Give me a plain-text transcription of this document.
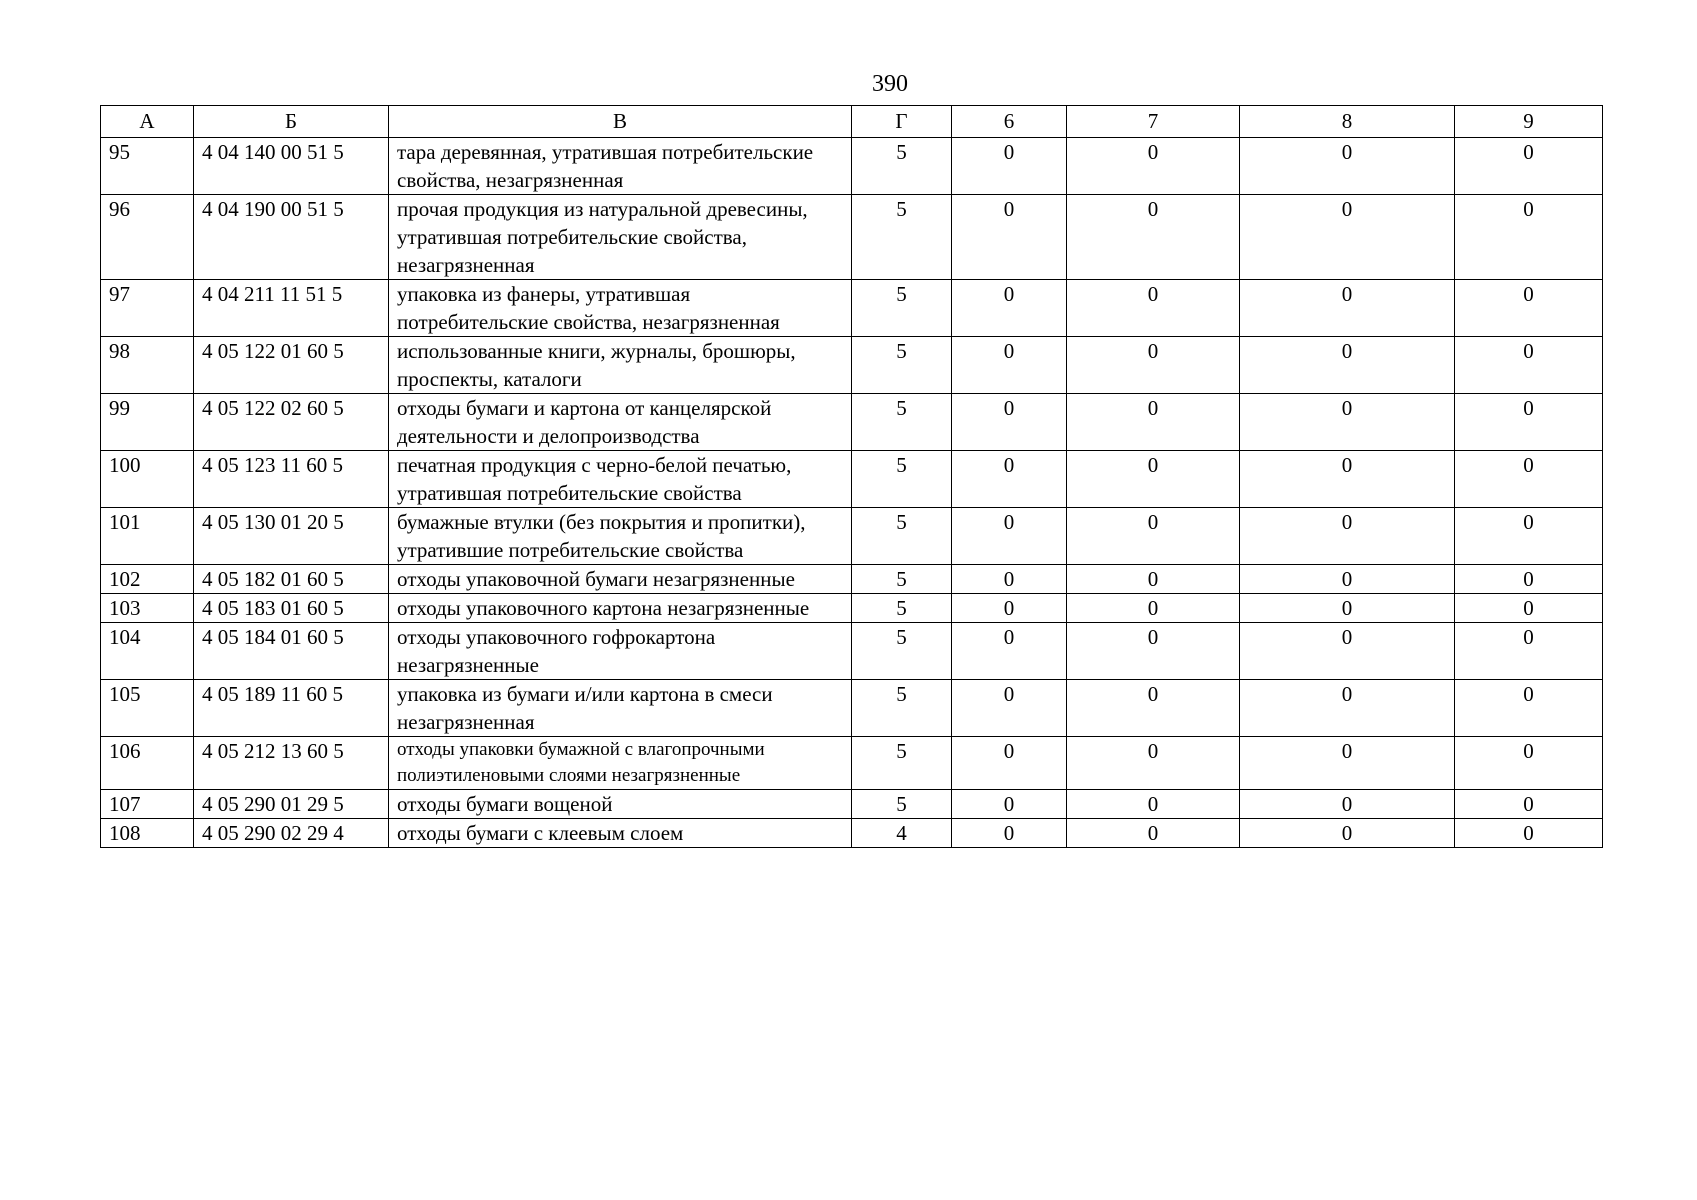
390
А	Б	В	Г	6	7	8	9
95	4 04 140 00 51 5	тара деревянная, утратившая потребительские свойства, незагрязненная	5	0	0	0	0
96	4 04 190 00 51 5	прочая продукция из натуральной древесины, утратившая потребительские свойства, незагрязненная	5	0	0	0	0
97	4 04 211 11 51 5	упаковка из фанеры, утратившая потребительские свойства, незагрязненная	5	0	0	0	0
98	4 05 122 01 60 5	использованные книги, журналы, брошюры, проспекты, каталоги	5	0	0	0	0
99	4 05 122 02 60 5	отходы бумаги и картона от канцелярской деятельности и делопроизводства	5	0	0	0	0
100	4 05 123 11 60 5	печатная продукция с черно-белой печатью, утратившая потребительские свойства	5	0	0	0	0
101	4 05 130 01 20 5	бумажные втулки (без покрытия и пропитки), утратившие потребительские свойства	5	0	0	0	0
102	4 05 182 01 60 5	отходы упаковочной бумаги незагрязненные	5	0	0	0	0
103	4 05 183 01 60 5	отходы упаковочного картона незагрязненные	5	0	0	0	0
104	4 05 184 01 60 5	отходы упаковочного гофрокартона незагрязненные	5	0	0	0	0
105	4 05 189 11 60 5	упаковка из бумаги и/или картона в смеси незагрязненная	5	0	0	0	0
106	4 05 212 13 60 5	отходы упаковки бумажной с влагопрочными полиэтиленовыми слоями незагрязненные	5	0	0	0	0
107	4 05 290 01 29 5	отходы бумаги вощеной	5	0	0	0	0
108	4 05 290 02 29 4	отходы бумаги с клеевым слоем	4	0	0	0	0
